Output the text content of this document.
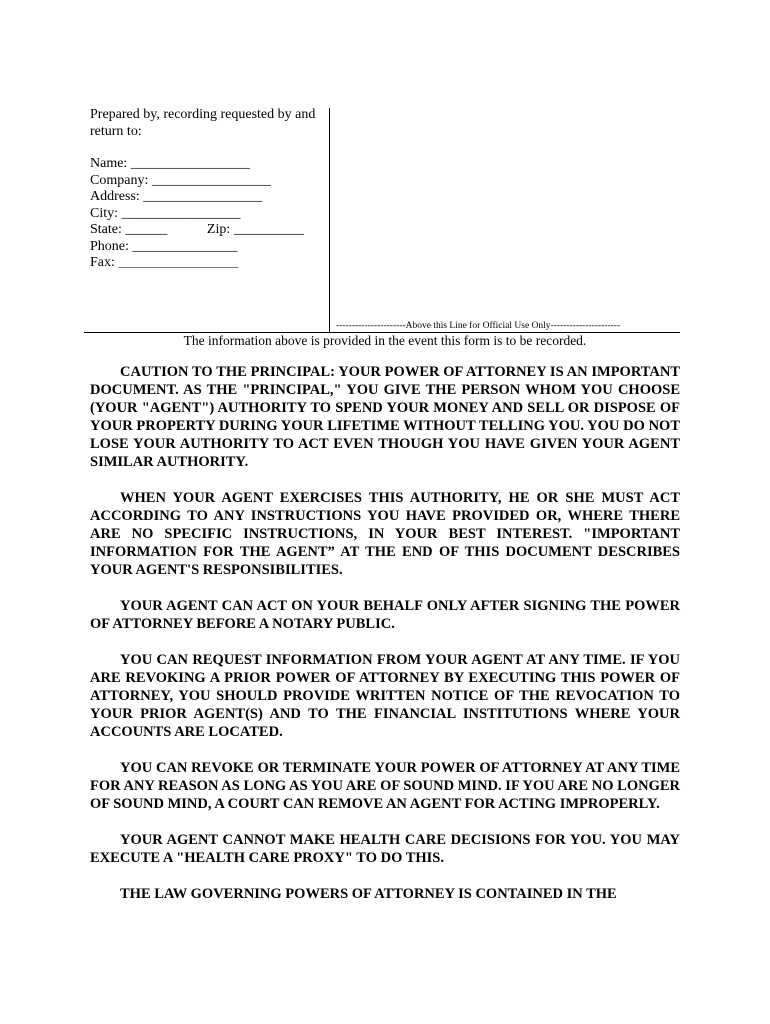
Prepared by, recording requested by and
return to:
Name: _________________
Company: _________________
Address: _________________
City: _________________
State: ______	Zip: __________
Phone: _______________
Fax: ________________________
----------------------Above this Line for Official Use Only----------------------
The information above is provided in the event this form is to be recorded.

CAUTION TO THE PRINCIPAL: YOUR POWER OF ATTORNEY IS AN IMPORTANT DOCUMENT. AS THE "PRINCIPAL," YOU GIVE THE PERSON WHOM YOU CHOOSE (YOUR "AGENT") AUTHORITY TO SPEND YOUR MONEY AND SELL OR DISPOSE OF YOUR PROPERTY DURING YOUR LIFETIME WITHOUT TELLING YOU. YOU DO NOT LOSE YOUR AUTHORITY TO ACT EVEN THOUGH YOU HAVE GIVEN YOUR AGENT SIMILAR AUTHORITY.

WHEN YOUR AGENT EXERCISES THIS AUTHORITY, HE OR SHE MUST ACT ACCORDING TO ANY INSTRUCTIONS YOU HAVE PROVIDED OR, WHERE THERE ARE NO SPECIFIC INSTRUCTIONS, IN YOUR BEST INTEREST. "IMPORTANT INFORMATION FOR THE AGENT” AT THE END OF THIS DOCUMENT DESCRIBES YOUR AGENT'S RESPONSIBILITIES.

YOUR AGENT CAN ACT ON YOUR BEHALF ONLY AFTER SIGNING THE POWER OF ATTORNEY BEFORE A NOTARY PUBLIC.

YOU CAN REQUEST INFORMATION FROM YOUR AGENT AT ANY TIME. IF YOU ARE REVOKING A PRIOR POWER OF ATTORNEY BY EXECUTING THIS POWER OF ATTORNEY, YOU SHOULD PROVIDE WRITTEN NOTICE OF THE REVOCATION TO YOUR PRIOR AGENT(S) AND TO THE FINANCIAL INSTITUTIONS WHERE YOUR ACCOUNTS ARE LOCATED.

YOU CAN REVOKE OR TERMINATE YOUR POWER OF ATTORNEY AT ANY TIME FOR ANY REASON AS LONG AS YOU ARE OF SOUND MIND. IF YOU ARE NO LONGER OF SOUND MIND, A COURT CAN REMOVE AN AGENT FOR ACTING IMPROPERLY.

YOUR AGENT CANNOT MAKE HEALTH CARE DECISIONS FOR YOU. YOU MAY EXECUTE A "HEALTH CARE PROXY" TO DO THIS.

THE LAW GOVERNING POWERS OF ATTORNEY IS CONTAINED IN THE
